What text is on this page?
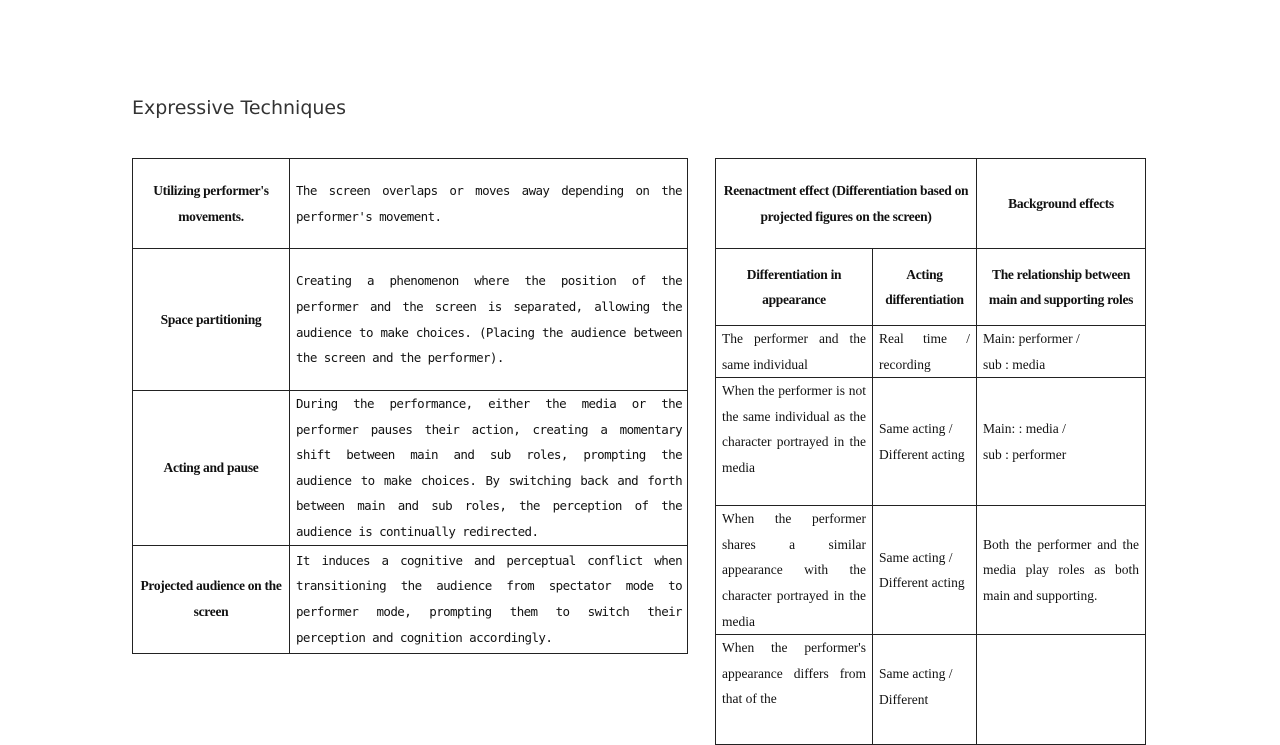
Expressive Techniques
Utilizing performer's movements.	The screen overlaps or moves away depending on the performer's movement.
Space partitioning	Creating a phenomenon where the position of the performer and the screen is separated, allowing the audience to make choices. (Placing the audience between the screen and the performer).
Acting and pause	During the performance, either the media or the performer pauses their action, creating a momentary shift between main and sub roles, prompting the audience to make choices. By switching back and forth between main and sub roles, the perception of the audience is continually redirected.
Projected audience on the screen	It induces a cognitive and perceptual conflict when transitioning the audience from spectator mode to performer mode, prompting them to switch their perception and cognition accordingly.
Reenactment effect (Differentiation based on projected figures on the screen)		Background effects
Differentiation in appearance	Acting differentiation	The relationship between main and supporting roles
The performer and the same individual	Real time / recording	Main: performer /
sub : media

When the performer is not the same individual as the character portrayed in the media	Same acting / Different acting	Main: : media /
sub : performer

When the performer shares a similar appearance with the character portrayed in the media	Same acting / Different acting	Both the performer and the media play roles as both main and supporting.

When the performer's appearance differs from that of the	Same acting / Different	
